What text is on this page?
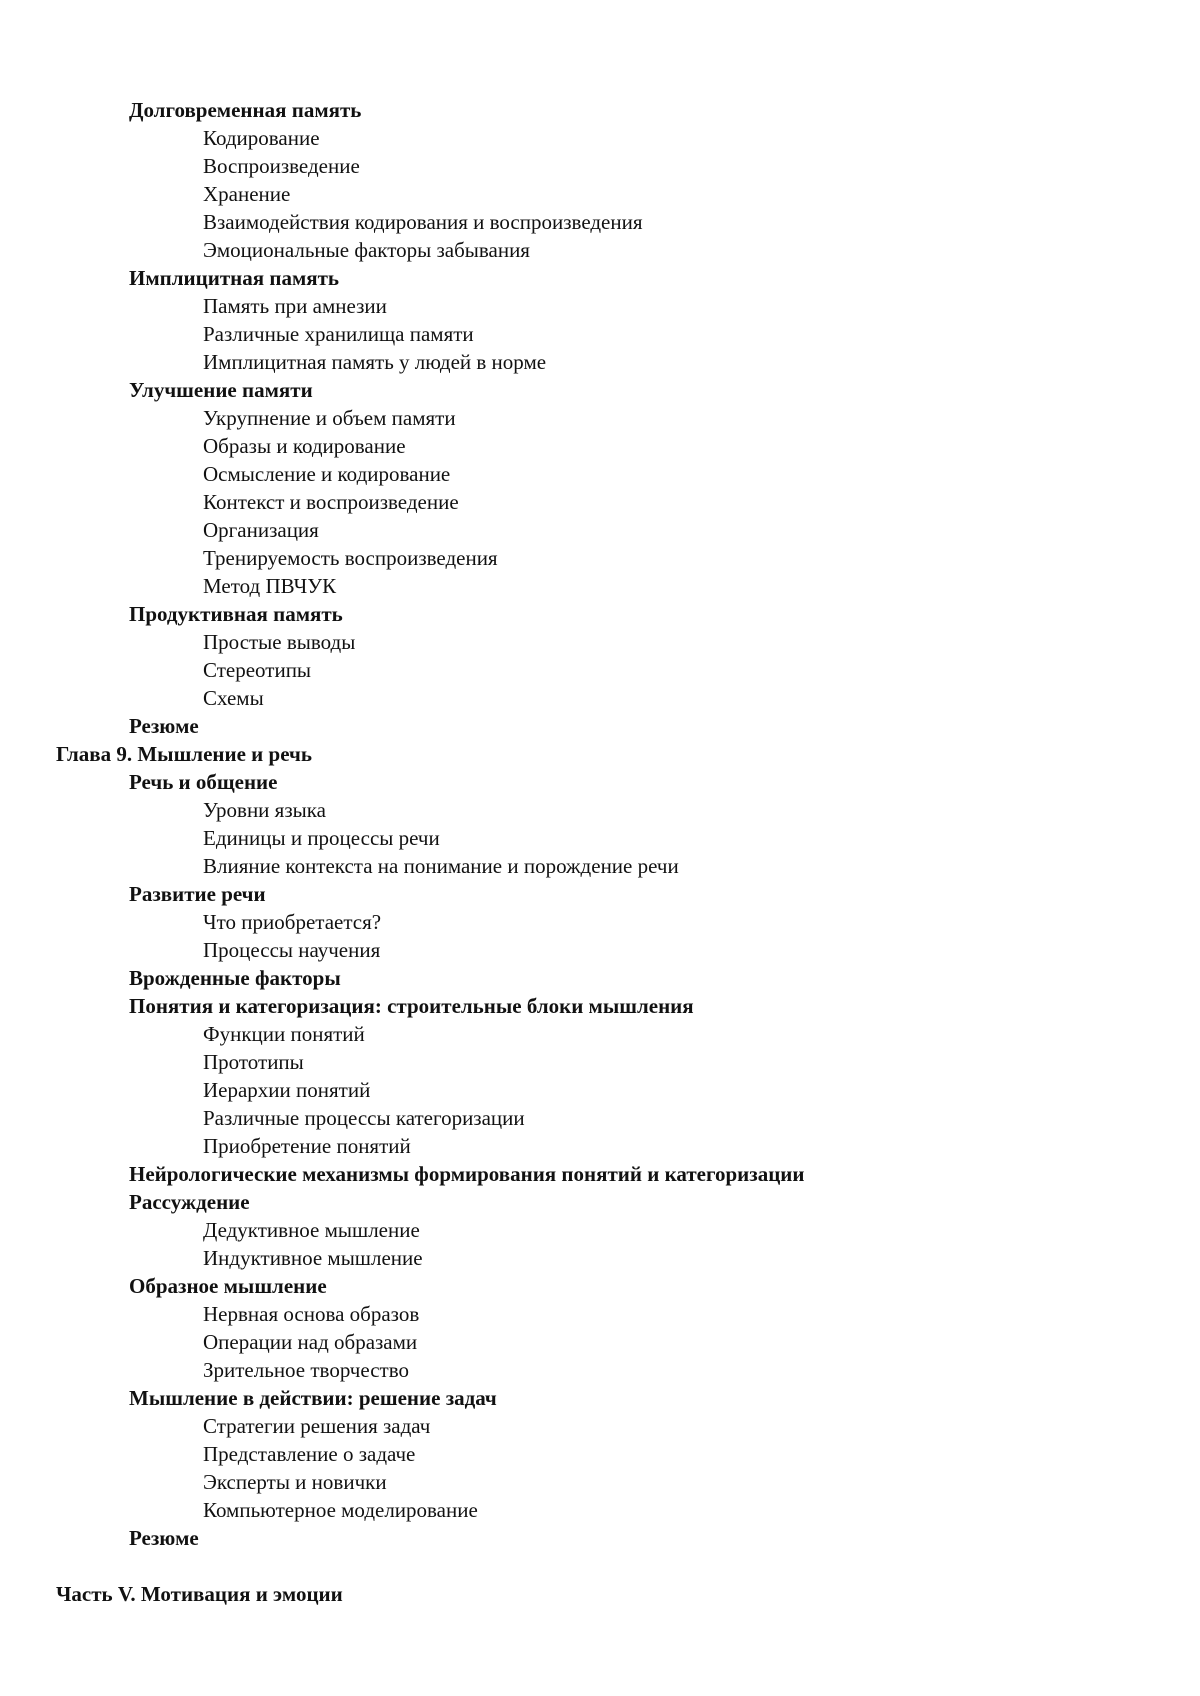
Долговременная память
Кодирование
Воспроизведение
Хранение
Взаимодействия кодирования и воспроизведения
Эмоциональные факторы забывания
Имплицитная память
Память при амнезии
Различные хранилища памяти
Имплицитная память у людей в норме
Улучшение памяти
Укрупнение и объем памяти
Образы и кодирование
Осмысление и кодирование
Контекст и воспроизведение
Организация
Тренируемость воспроизведения
Метод ПВЧУК
Продуктивная память
Простые выводы
Стереотипы
Схемы
Резюме
Глава 9. Мышление и речь
Речь и общение
Уровни языка
Единицы и процессы речи
Влияние контекста на понимание и порождение речи
Развитие речи
Что приобретается?
Процессы научения
Врожденные факторы
Понятия и категоризация: строительные блоки мышления
Функции понятий
Прототипы
Иерархии понятий
Различные процессы категоризации
Приобретение понятий
Нейрологические механизмы формирования понятий и категоризации
Рассуждение
Дедуктивное мышление
Индуктивное мышление
Образное мышление
Нервная основа образов
Операции над образами
Зрительное творчество
Мышление в действии: решение задач
Стратегии решения задач
Представление о задаче
Эксперты и новички
Компьютерное моделирование
Резюме
Часть V. Мотивация и эмоции
